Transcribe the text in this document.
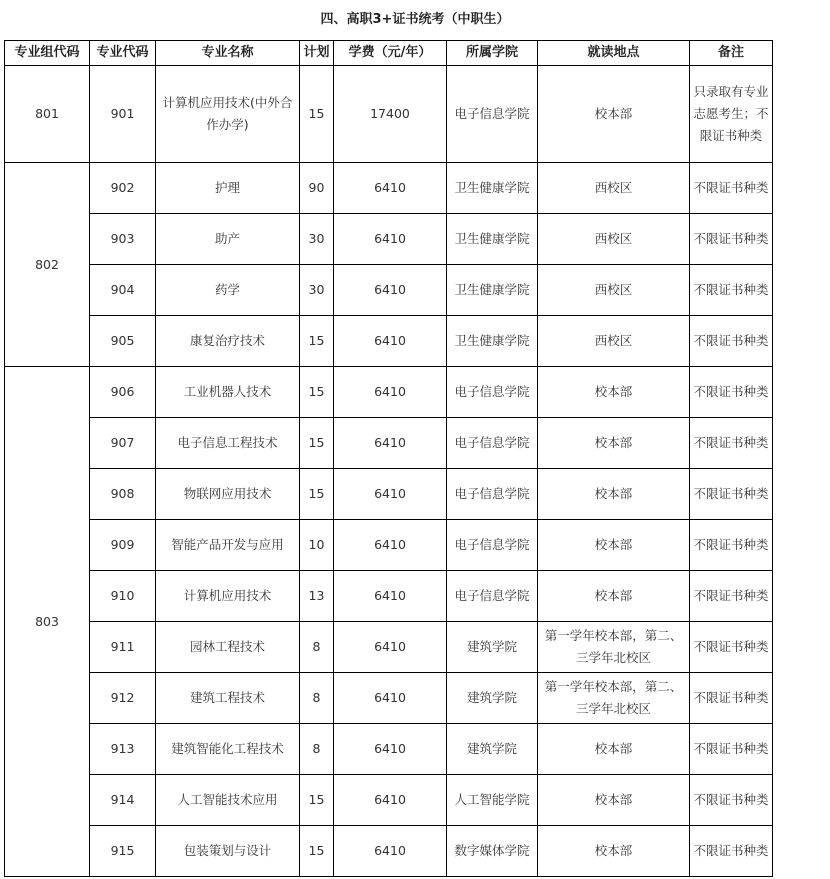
四、高职3+证书统考（中职生）
专业组代码	专业代码	专业名称	计划	学费（元/年）	所属学院	就读地点	备注
801	901	计算机应用技术(中外合作办学)	15	17400	电子信息学院	校本部	只录取有专业志愿考生；不限证书种类
802	902	护理	90	6410	卫生健康学院	西校区	不限证书种类
	903	助产	30	6410	卫生健康学院	西校区	不限证书种类
	904	药学	30	6410	卫生健康学院	西校区	不限证书种类
	905	康复治疗技术	15	6410	卫生健康学院	西校区	不限证书种类
803	906	工业机器人技术	15	6410	电子信息学院	校本部	不限证书种类
	907	电子信息工程技术	15	6410	电子信息学院	校本部	不限证书种类
	908	物联网应用技术	15	6410	电子信息学院	校本部	不限证书种类
	909	智能产品开发与应用	10	6410	电子信息学院	校本部	不限证书种类
	910	计算机应用技术	13	6410	电子信息学院	校本部	不限证书种类
	911	园林工程技术	8	6410	建筑学院	第一学年校本部，第二、三学年北校区	不限证书种类
	912	建筑工程技术	8	6410	建筑学院	第一学年校本部，第二、三学年北校区	不限证书种类
	913	建筑智能化工程技术	8	6410	建筑学院	校本部	不限证书种类
	914	人工智能技术应用	15	6410	人工智能学院	校本部	不限证书种类
	915	包装策划与设计	15	6410	数字媒体学院	校本部	不限证书种类
